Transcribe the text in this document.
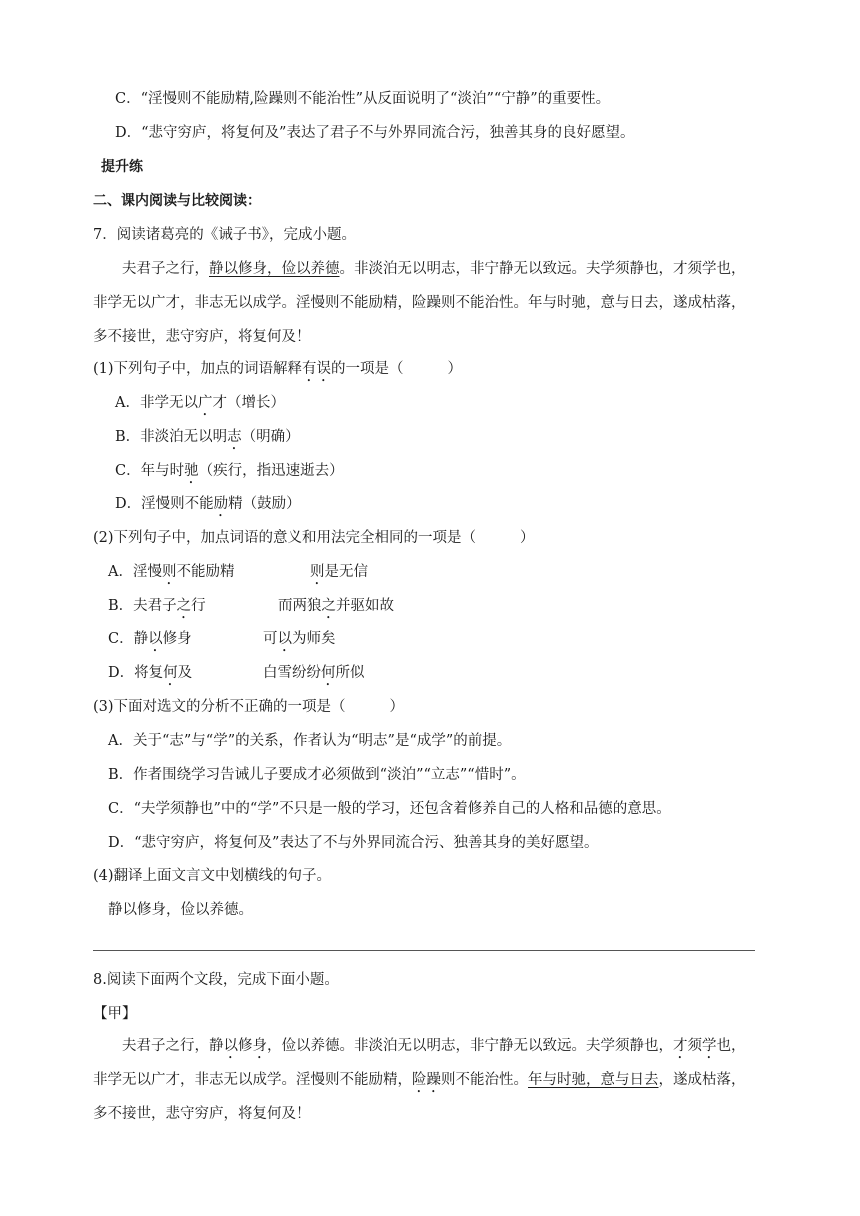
C．“淫慢则不能励精,险躁则不能治性”从反面说明了“淡泊”“宁静”的重要性。
D．“悲守穷庐，将复何及”表达了君子不与外界同流合污，独善其身的良好愿望。
提升练
二、课内阅读与比较阅读：
7．阅读诸葛亮的《诫子书》，完成小题。
夫君子之行，静以修身，俭以养德。非淡泊无以明志，非宁静无以致远。夫学须静也，才须学也，
非学无以广才，非志无以成学。淫慢则不能励精，险躁则不能治性。年与时驰，意与日去，遂成枯落，
多不接世，悲守穷庐，将复何及！
(1)下列句子中，加点的词语解释有误的一项是（	）
A．非学无以广才（增长）
B．非淡泊无以明志（明确）
C．年与时驰（疾行，指迅速逝去）
D．淫慢则不能励精（鼓励）
(2)下列句子中，加点词语的意义和用法完全相同的一项是（	）
A．淫慢则不能励精	则是无信
B．夫君子之行	而两狼之并驱如故
C．静以修身	可以为师矣
D．将复何及	白雪纷纷何所似
(3)下面对选文的分析不正确的一项是（	）
A．关于“志”与“学”的关系，作者认为“明志”是“成学”的前提。
B．作者围绕学习告诫儿子要成才必须做到“淡泊”“立志”“惜时”。
C．“夫学须静也”中的“学”不只是一般的学习，还包含着修养自己的人格和品德的意思。
D．“悲守穷庐，将复何及”表达了不与外界同流合污、独善其身的美好愿望。
(4)翻译上面文言文中划横线的句子。
静以修身，俭以养德。
8.阅读下面两个文段，完成下面小题。
【甲】
夫君子之行，静以修身，俭以养德。非淡泊无以明志，非宁静无以致远。夫学须静也，才须学也，
非学无以广才，非志无以成学。淫慢则不能励精，险躁则不能治性。年与时驰，意与日去，遂成枯落，
多不接世，悲守穷庐，将复何及！
